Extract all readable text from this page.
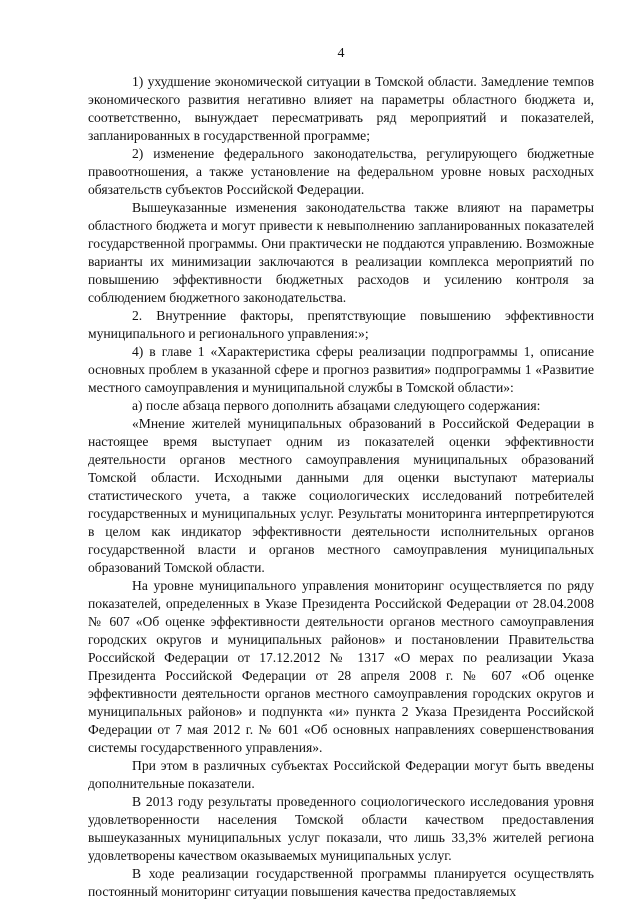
4

1) ухудшение экономической ситуации в Томской области. Замедление темпов экономического развития негативно влияет на параметры областного бюджета и, соответственно, вынуждает пересматривать ряд мероприятий и показателей, запланированных в государственной программе;

2) изменение федерального законодательства, регулирующего бюджетные правоотношения, а также установление на федеральном уровне новых расходных обязательств субъектов Российской Федерации.

Вышеуказанные изменения законодательства также влияют на параметры областного бюджета и могут привести к невыполнению запланированных показателей государственной программы. Они практически не поддаются управлению. Возможные варианты их минимизации заключаются в реализации комплекса мероприятий по повышению эффективности бюджетных расходов и усилению контроля за соблюдением бюджетного законодательства.

2. Внутренние факторы, препятствующие повышению эффективности муниципального и регионального управления:»;

4) в главе 1 «Характеристика сферы реализации подпрограммы 1, описание основных проблем в указанной сфере и прогноз развития» подпрограммы 1 «Развитие местного самоуправления и муниципальной службы в Томской области»:

а) после абзаца первого дополнить абзацами следующего содержания:

«Мнение жителей муниципальных образований в Российской Федерации в настоящее время выступает одним из показателей оценки эффективности деятельности органов местного самоуправления муниципальных образований Томской области. Исходными данными для оценки выступают материалы статистического учета, а также социологических исследований потребителей государственных и муниципальных услуг. Результаты мониторинга интерпретируются в целом как индикатор эффективности деятельности исполнительных органов государственной власти и органов местного самоуправления муниципальных образований Томской области.

На уровне муниципального управления мониторинг осуществляется по ряду показателей, определенных в Указе Президента Российской Федерации от 28.04.2008 № 607 «Об оценке эффективности деятельности органов местного самоуправления городских округов и муниципальных районов» и постановлении Правительства Российской Федерации от 17.12.2012 № 1317 «О мерах по реализации Указа Президента Российской Федерации от 28 апреля 2008 г. № 607 «Об оценке эффективности деятельности органов местного самоуправления городских округов и муниципальных районов» и подпункта «и» пункта 2 Указа Президента Российской Федерации от 7 мая 2012 г. № 601 «Об основных направлениях совершенствования системы государственного управления».

При этом в различных субъектах Российской Федерации могут быть введены дополнительные показатели.

В 2013 году результаты проведенного социологического исследования уровня удовлетворенности населения Томской области качеством предоставления вышеуказанных муниципальных услуг показали, что лишь 33,3% жителей региона удовлетворены качеством оказываемых муниципальных услуг.

В ходе реализации государственной программы планируется осуществлять постоянный мониторинг ситуации повышения качества предоставляемых
